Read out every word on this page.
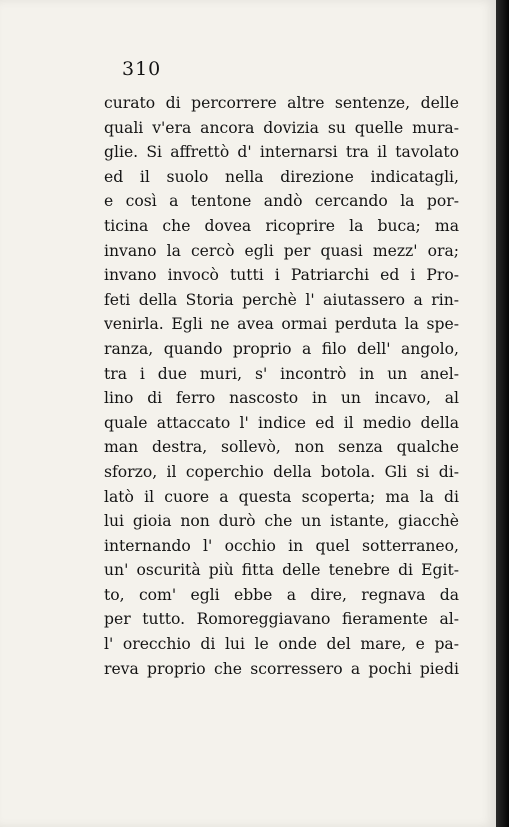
310
curato di percorrere altre sentenze, delle
quali v'era ancora dovizia su quelle mura-
glie. Si affrettò d' internarsi tra il tavolato
ed il suolo nella direzione indicatagli,
e così a tentone andò cercando la por-
ticina che dovea ricoprire la buca; ma
invano la cercò egli per quasi mezz' ora;
invano invocò tutti i Patriarchi ed i Pro-
feti della Storia perchè l' aiutassero a rin-
venirla. Egli ne avea ormai perduta la spe-
ranza, quando proprio a filo dell' angolo,
tra i due muri, s' incontrò in un anel-
lino di ferro nascosto in un incavo, al
quale attaccato l' indice ed il medio della
man destra, sollevò, non senza qualche
sforzo, il coperchio della botola. Gli si di-
latò il cuore a questa scoperta; ma la di
lui gioia non durò che un istante, giacchè
internando l' occhio in quel sotterraneo,
un' oscurità più fitta delle tenebre di Egit-
to, com' egli ebbe a dire, regnava da
per tutto. Romoreggiavano fieramente al-
l' orecchio di lui le onde del mare, e pa-
reva proprio che scorressero a pochi piedi
